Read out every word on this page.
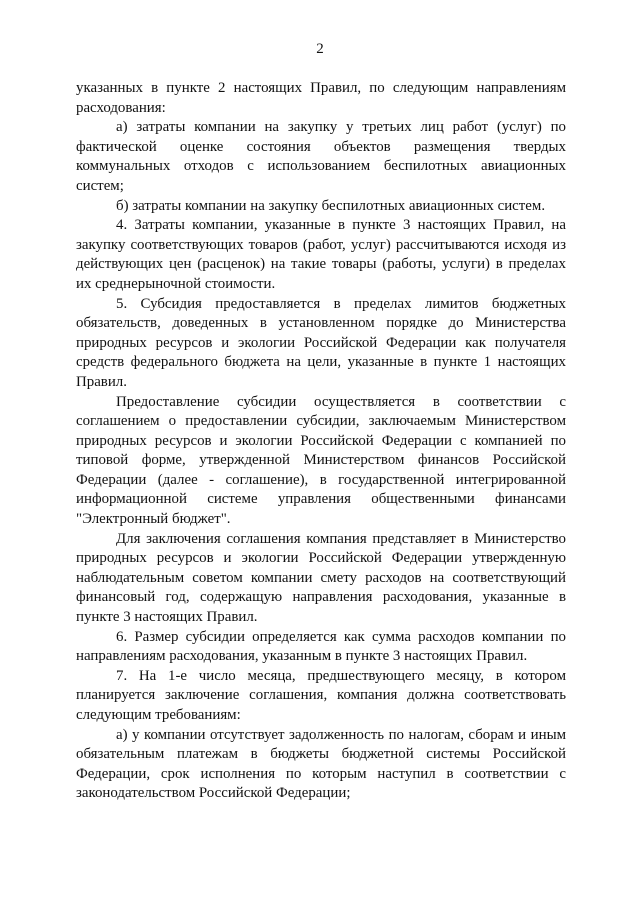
2

указанных в пункте 2 настоящих Правил, по следующим направлениям расходования:

а) затраты компании на закупку у третьих лиц работ (услуг) по фактической оценке состояния объектов размещения твердых коммунальных отходов с использованием беспилотных авиационных систем;

б) затраты компании на закупку беспилотных авиационных систем.

4. Затраты компании, указанные в пункте 3 настоящих Правил, на закупку соответствующих товаров (работ, услуг) рассчитываются исходя из действующих цен (расценок) на такие товары (работы, услуги) в пределах их среднерыночной стоимости.

5. Субсидия предоставляется в пределах лимитов бюджетных обязательств, доведенных в установленном порядке до Министерства природных ресурсов и экологии Российской Федерации как получателя средств федерального бюджета на цели, указанные в пункте 1 настоящих Правил.

Предоставление субсидии осуществляется в соответствии с соглашением о предоставлении субсидии, заключаемым Министерством природных ресурсов и экологии Российской Федерации с компанией по типовой форме, утвержденной Министерством финансов Российской Федерации (далее - соглашение), в государственной интегрированной информационной системе управления общественными финансами "Электронный бюджет".

Для заключения соглашения компания представляет в Министерство природных ресурсов и экологии Российской Федерации утвержденную наблюдательным советом компании смету расходов на соответствующий финансовый год, содержащую направления расходования, указанные в пункте 3 настоящих Правил.

6. Размер субсидии определяется как сумма расходов компании по направлениям расходования, указанным в пункте 3 настоящих Правил.

7. На 1-е число месяца, предшествующего месяцу, в котором планируется заключение соглашения, компания должна соответствовать следующим требованиям:

а) у компании отсутствует задолженность по налогам, сборам и иным обязательным платежам в бюджеты бюджетной системы Российской Федерации, срок исполнения по которым наступил в соответствии с законодательством Российской Федерации;
